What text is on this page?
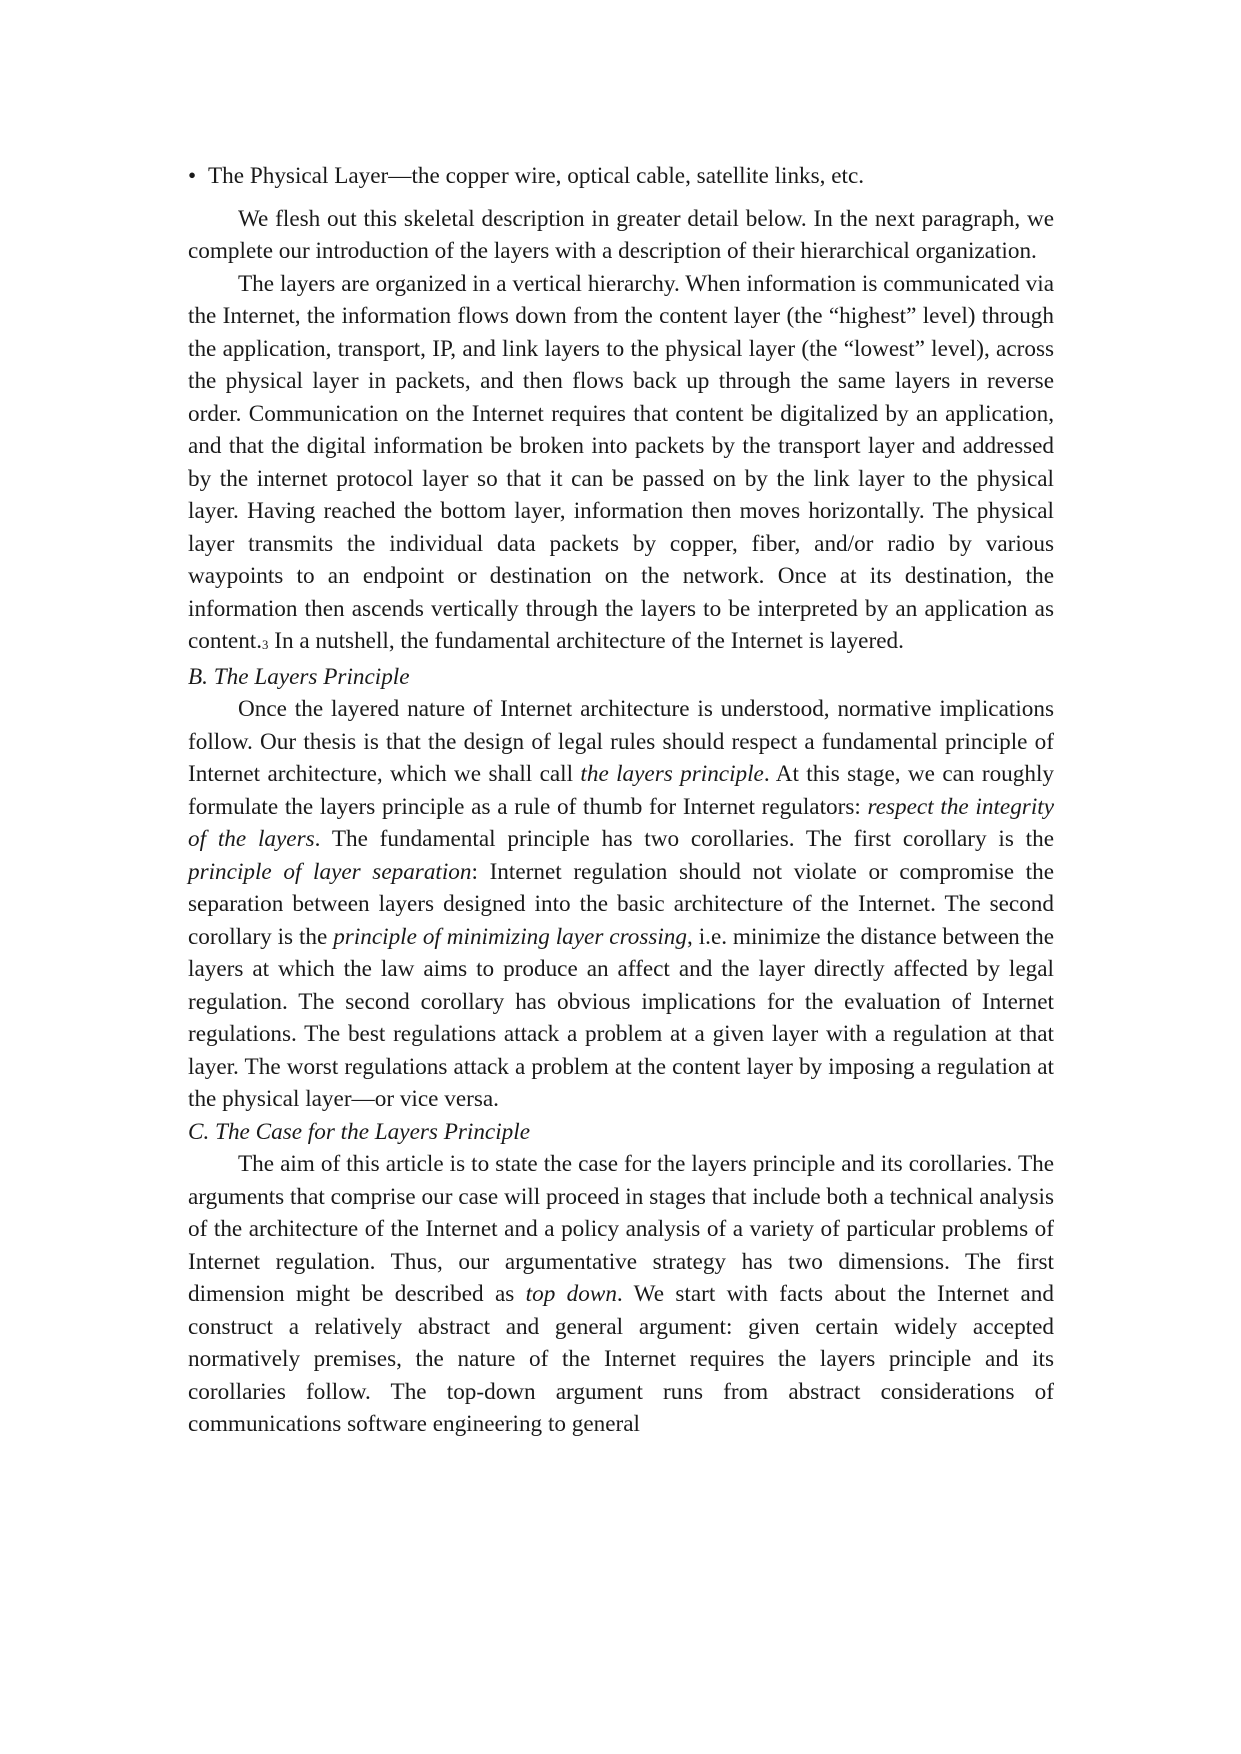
• The Physical Layer—the copper wire, optical cable, satellite links, etc.

We flesh out this skeletal description in greater detail below. In the next paragraph, we complete our introduction of the layers with a description of their hierarchical organization.

The layers are organized in a vertical hierarchy. When information is communicated via the Internet, the information flows down from the content layer (the “highest” level) through the application, transport, IP, and link layers to the physical layer (the “lowest” level), across the physical layer in packets, and then flows back up through the same layers in reverse order. Communication on the Internet requires that content be digitalized by an application, and that the digital information be broken into packets by the transport layer and addressed by the internet protocol layer so that it can be passed on by the link layer to the physical layer. Having reached the bottom layer, information then moves horizontally. The physical layer transmits the individual data packets by copper, fiber, and/or radio by various waypoints to an endpoint or destination on the network. Once at its destination, the information then ascends vertically through the layers to be interpreted by an application as content.$^3$ In a nutshell, the fundamental architecture of the Internet is layered.

B. The Layers Principle

Once the layered nature of Internet architecture is understood, normative implications follow. Our thesis is that the design of legal rules should respect a fundamental principle of Internet architecture, which we shall call the layers principle. At this stage, we can roughly formulate the layers principle as a rule of thumb for Internet regulators: respect the integrity of the layers. The fundamental principle has two corollaries. The first corollary is the principle of layer separation: Internet regulation should not violate or compromise the separation between layers designed into the basic architecture of the Internet. The second corollary is the principle of minimizing layer crossing, i.e. minimize the distance between the layers at which the law aims to produce an affect and the layer directly affected by legal regulation. The second corollary has obvious implications for the evaluation of Internet regulations. The best regulations attack a problem at a given layer with a regulation at that layer. The worst regulations attack a problem at the content layer by imposing a regulation at the physical layer—or vice versa.

C. The Case for the Layers Principle

The aim of this article is to state the case for the layers principle and its corollaries. The arguments that comprise our case will proceed in stages that include both a technical analysis of the architecture of the Internet and a policy analysis of a variety of particular problems of Internet regulation. Thus, our argumentative strategy has two dimensions. The first dimension might be described as top down. We start with facts about the Internet and construct a relatively abstract and general argument: given certain widely accepted normatively premises, the nature of the Internet requires the layers principle and its corollaries follow. The top-down argument runs from abstract considerations of communications software engineering to general
